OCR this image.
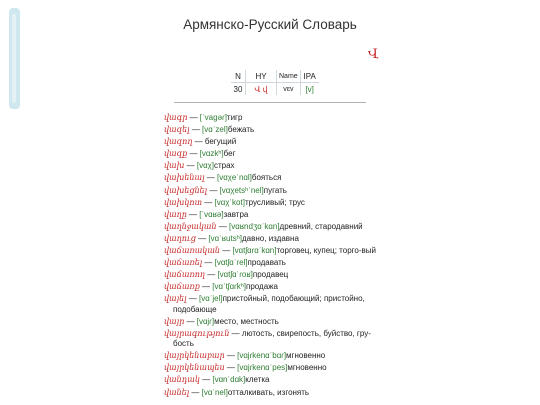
Армянско-Русский Словарь
Վ
N	HY	Name	IPA
30	Վ վ	vɛv	[v]
վագր — [ˈvagəɾ]тигр
վազել — [vɑˈzel]бежать
վազող — бегущий
վազք — [vɑzkʰ]бег
վախ — [vɑχ]страх
վախենալ — [vɑχeˈnɑl]бояться
վախեցնել — [vɑχetsʰˈnel]пугать
վախկոտ — [vɑχˈkot]трусливый; трус
վաղը — [ˈvɑʁə]завтра
վաղնջական — [vɑʁndʒɑˈkɑn]древний, стародавний
վաղուց — [vɑˈʁutsʰ]давно, издавна
վաճառական — [vɑtʃɑɾɑˈkɑn]торговец, купец; торго-вый
վաճառել — [vɑtʃɑˈɾel]продавать
վաճառող — [vɑtʃɑˈɾoʁ]продавец
վաճառք — [vɑˈtʃɑɾkʰ]продажа
վայել — [vɑˈjel]пристойный, подобающий; пристойно, подобающе
վայր — [vɑjɾ]место, местность
վայրագություն — лютость, свирепость, буйство, гру-бость
վայրկենաբար — [vɑjɾkenɑˈbɑɾ]мгновенно
վայրկենապես — [vɑjɾkenɑˈpes]мгновенно
վանդակ — [vɑnˈdɑk]клетка
վանել — [vɑˈnel]отталкивать, изгонять
